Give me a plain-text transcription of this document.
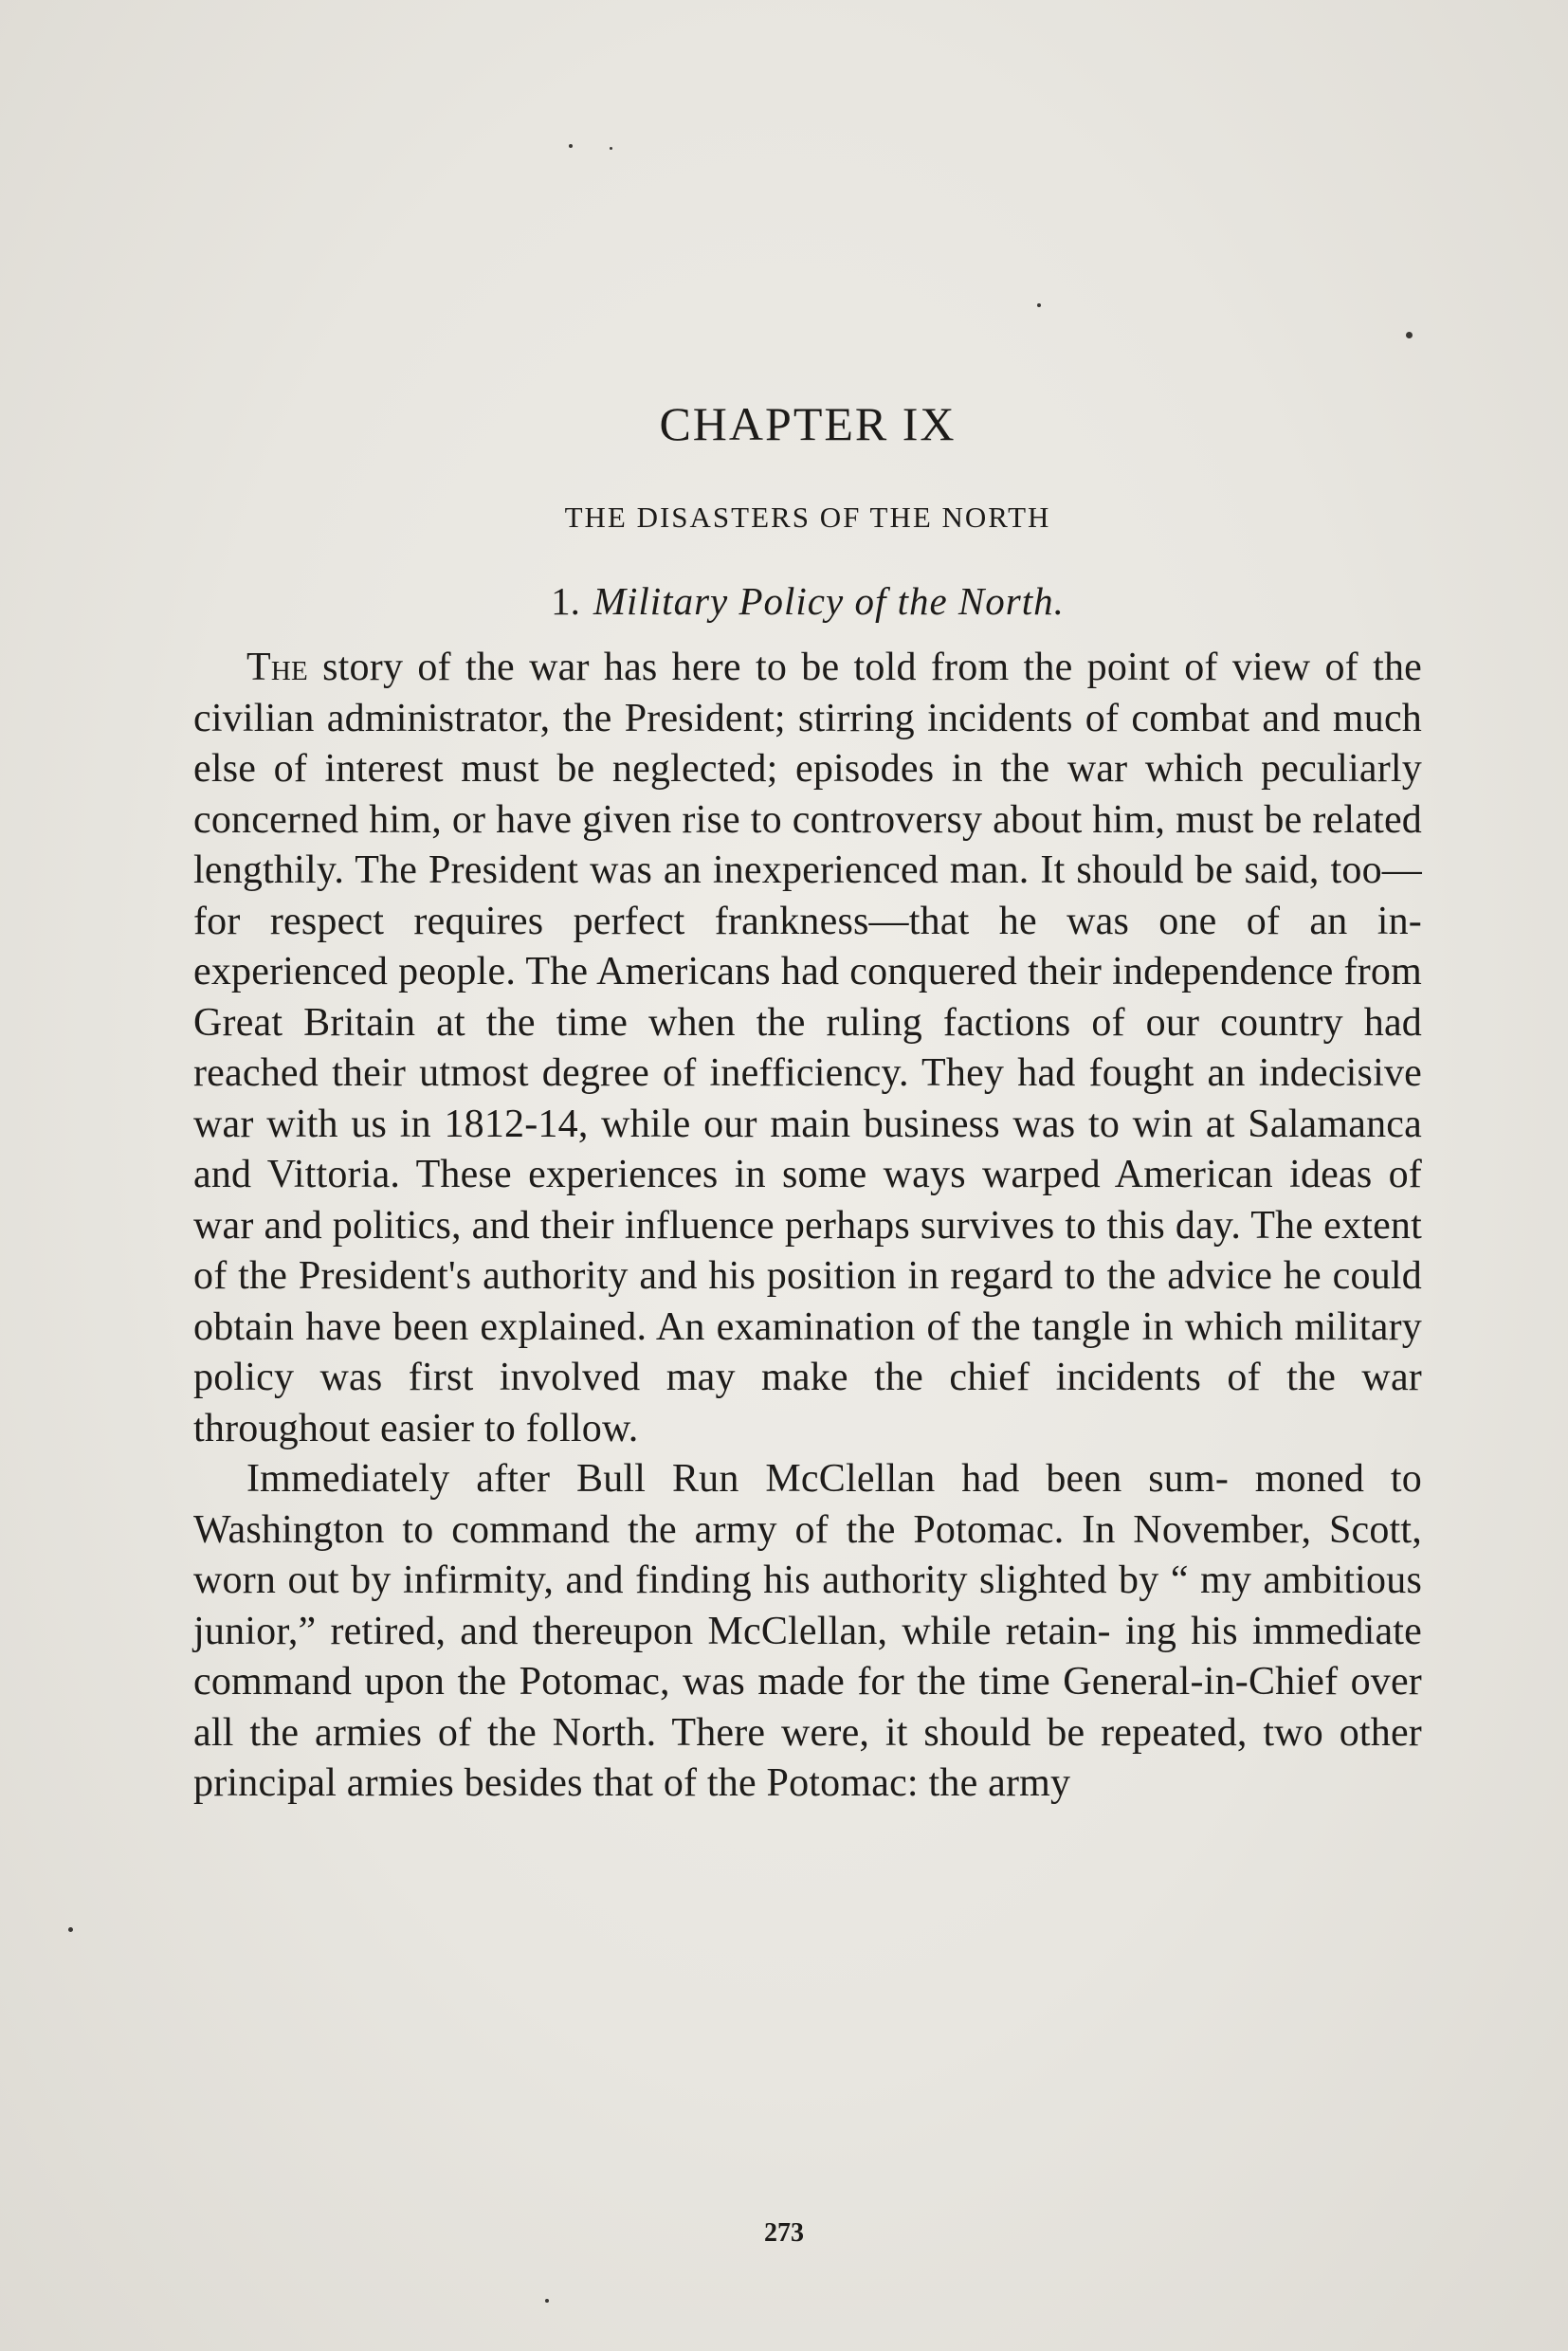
CHAPTER IX
THE DISASTERS OF THE NORTH
1. Military Policy of the North.

The story of the war has here to be told from the point of view of the civilian administrator, the President; stirring incidents of combat and much else of interest must be neglected; episodes in the war which peculiarly concerned him, or have given rise to controversy about him, must be related lengthily. The President was an inexperienced man. It should be said, too—for respect requires perfect frankness—that he was one of an in- experienced people. The Americans had conquered their independence from Great Britain at the time when the ruling factions of our country had reached their utmost degree of inefficiency. They had fought an indecisive war with us in 1812-14, while our main business was to win at Salamanca and Vittoria. These experiences in some ways warped American ideas of war and politics, and their influence perhaps survives to this day. The extent of the President's authority and his position in regard to the advice he could obtain have been explained. An examination of the tangle in which military policy was first involved may make the chief incidents of the war throughout easier to follow.

Immediately after Bull Run McClellan had been sum- moned to Washington to command the army of the Potomac. In November, Scott, worn out by infirmity, and finding his authority slighted by “ my ambitious junior,” retired, and thereupon McClellan, while retain- ing his immediate command upon the Potomac, was made for the time General-in-Chief over all the armies of the North. There were, it should be repeated, two other principal armies besides that of the Potomac: the army

273
